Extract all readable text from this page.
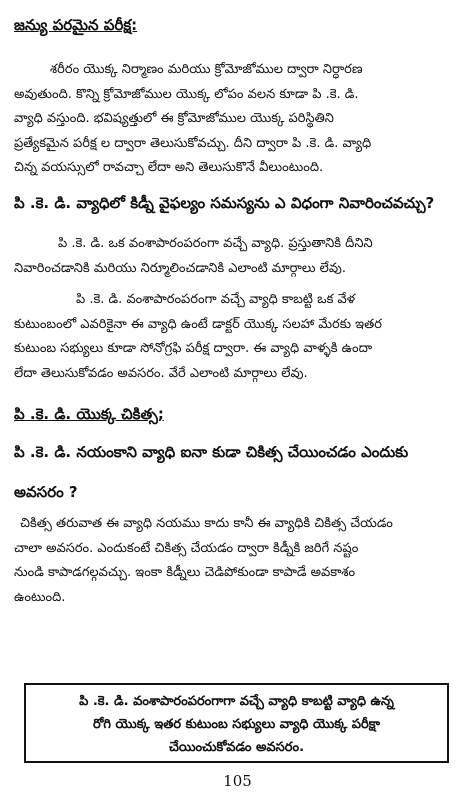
జన్యు పరమైన పరీక్ష:
శరీరం యొక్క నిర్మాణం మరియు క్రోమోజోముల ద్వారా నిర్ధారణ
అవుతుంది. కొన్ని క్రోమోజోముల యొక్క లోపం వలన కూడా పి .కె. డి.
వ్యాధి వస్తుంది. భవిష్యత్తులో ఈ క్రోమోజోముల యొక్క పరిస్థితిని
ప్రత్యేకమైన పరీక్ష ల ద్వారా తెలుసుకోవచ్చు. దీని ద్వారా పి .కె. డి. వ్యాధి
చిన్న వయస్సులో రావచ్చా లేదా అని తెలుసుకొనే వీలుంటుంది.
పి .కె. డి. వ్యాధిలో కిడ్నీ వైఫల్యం సమస్యను ఎ విధంగా నివారించవచ్చు?
పి .కె. డి. ఒక వంశాపారంపరంగా వచ్చే వ్యాధి. ప్రస్తుతానికి దీనిని
నివారించడానికి మరియు నిర్మూలించడానికి ఎలాంటి మార్గాలు లేవు.
పి .కె. డి. వంశాపారంపరంగా వచ్చే వ్యాధి కాబట్టి ఒక వేళ
కుటుంబంలో ఎవరికైనా ఈ వ్యాధి ఉంటే డాక్టర్ యొక్క సలహా మేరకు ఇతర
కుటుంబ సభ్యులు కూడా సోనోగ్రఫి పరీక్ష ద్వారా. ఈ వ్యాధి వాళ్ళకి ఉందా
లేదా తెలుసుకోవడం అవసరం. వేరే ఎలాంటి మార్గాలు లేవు.
పి .కె. డి. యొక్క చికిత్స;
పి .కె. డి. నయంకాని వ్యాధి ఐనా కుడా చికిత్స చేయించడం ఎందుకు
అవసరం ?
చికిత్స తరువాత ఈ వ్యాధి నయము కాదు కానీ ఈ వ్యాధికి చికిత్స చేయడం
చాలా అవసరం. ఎందుకంటే చికిత్స చేయడం ద్వారా కిడ్నీకి జరిగే నష్టం
నుండి కాపాడగల్గవచ్చు. ఇంకా కిడ్నీలు చెడిపోకుండా కాపాడే అవకాశం
ఉంటుంది.
పి .కె. డి. వంశాపారంపరంగాగా వచ్చే వ్యాధి కాబట్టి వ్యాధి ఉన్న
రోగి యొక్క ఇతర కుటుంబ సభ్యులు వ్యాధి యొక్క పరీక్షా
చేయించుకోవడం అవసరం.
105
